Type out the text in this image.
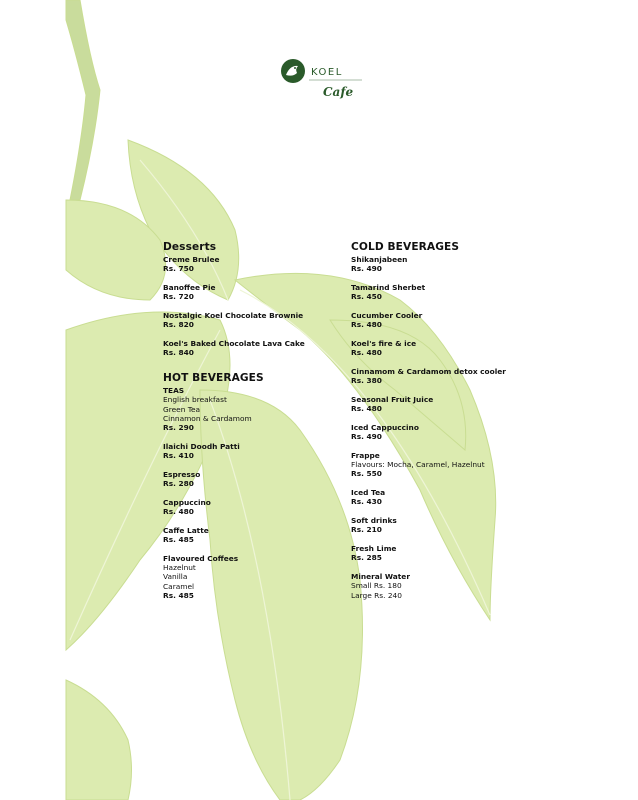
KOEL
Cafe
Desserts
Creme Brulee
Rs. 750
Banoffee Pie
Rs. 720
Nostalgic Koel Chocolate Brownie
Rs. 820
Koel's Baked Chocolate Lava Cake
Rs. 840
HOT BEVERAGES
TEAS
English breakfast
Green Tea
Cinnamon & Cardamom
Rs. 290
Ilaichi Doodh Patti
Rs. 410
Espresso
Rs. 280
Cappuccino
Rs. 480
Caffe Latte
Rs. 485
Flavoured Coffees
Hazelnut
Vanilla
Caramel
Rs. 485
COLD BEVERAGES
Shikanjabeen
Rs. 490
Tamarind Sherbet
Rs. 450
Cucumber Cooler
Rs. 480
Koel's fire & ice
Rs. 480
Cinnamom & Cardamom detox cooler
Rs. 380
Seasonal Fruit Juice
Rs. 480
Iced Cappuccino
Rs. 490
Frappe
Flavours: Mocha, Caramel, Hazelnut
Rs. 550
Iced Tea
Rs. 430
Soft drinks
Rs. 210
Fresh Lime
Rs. 285
Mineral Water
Small Rs. 180
Large Rs. 240
